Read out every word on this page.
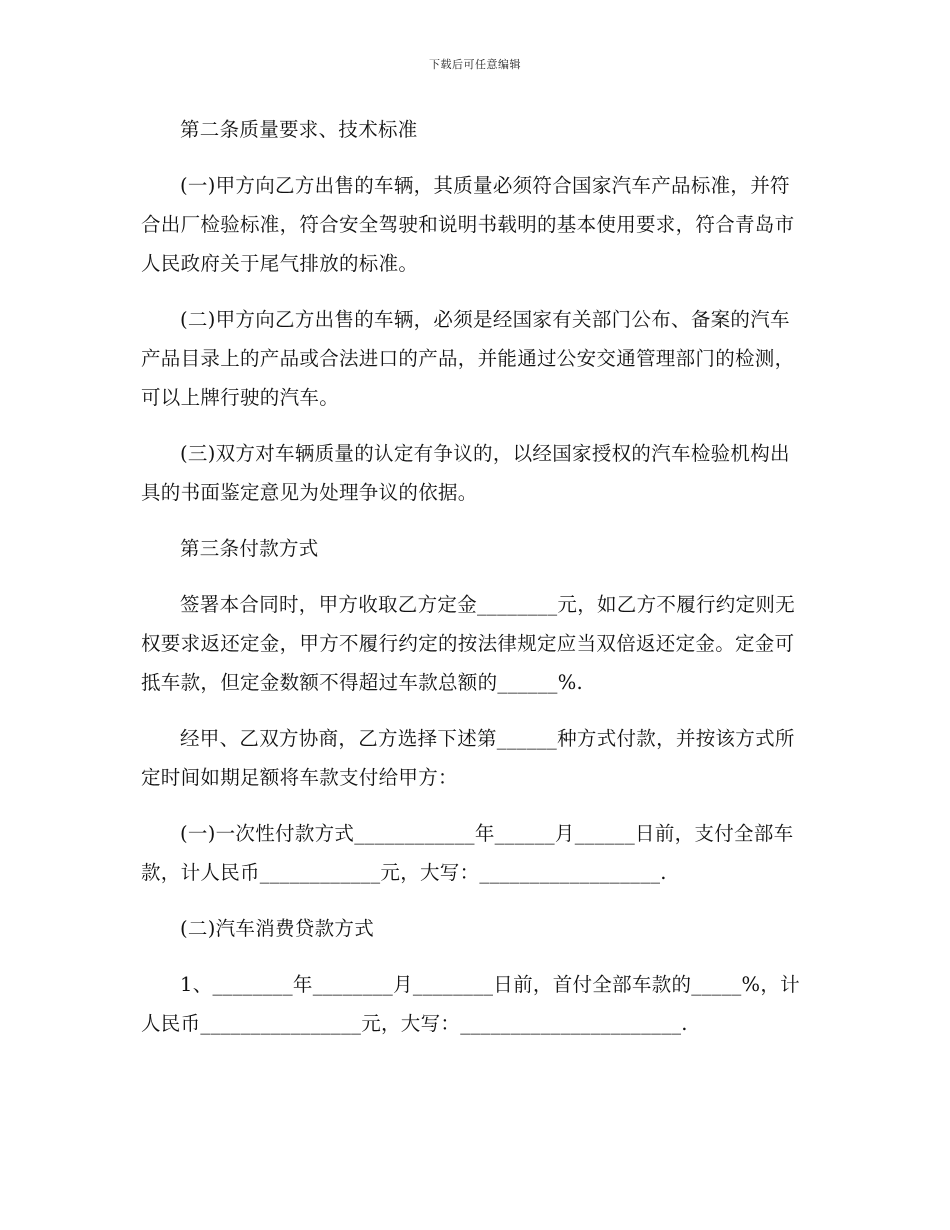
下载后可任意编辑

第二条质量要求、技术标准

(一)甲方向乙方出售的车辆，其质量必须符合国家汽车产品标准，并符合出厂检验标准，符合安全驾驶和说明书载明的基本使用要求，符合青岛市人民政府关于尾气排放的标准。

(二)甲方向乙方出售的车辆，必须是经国家有关部门公布、备案的汽车产品目录上的产品或合法进口的产品，并能通过公安交通管理部门的检测，可以上牌行驶的汽车。

(三)双方对车辆质量的认定有争议的，以经国家授权的汽车检验机构出具的书面鉴定意见为处理争议的依据。

第三条付款方式

签署本合同时，甲方收取乙方定金________元，如乙方不履行约定则无权要求返还定金，甲方不履行约定的按法律规定应当双倍返还定金。定金可抵车款，但定金数额不得超过车款总额的______%.

经甲、乙双方协商，乙方选择下述第______种方式付款，并按该方式所定时间如期足额将车款支付给甲方：

(一)一次性付款方式____________年______月______日前，支付全部车款，计人民币____________元，大写：__________________.

(二)汽车消费贷款方式

1、________年________月________日前，首付全部车款的_____%，计人民币________________元，大写：______________________.
